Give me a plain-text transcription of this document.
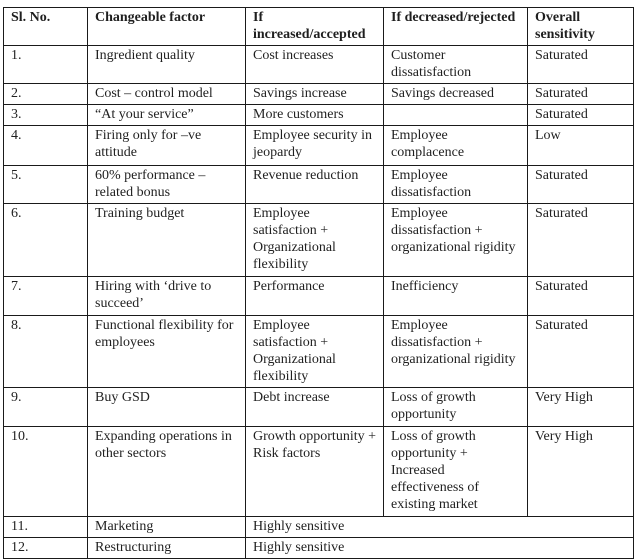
Sl. No.	Changeable factor	If increased/accepted	If decreased/rejected	Overall sensitivity
1.	Ingredient quality	Cost increases	Customer dissatisfaction	Saturated
2.	Cost – control model	Savings increase	Savings decreased	Saturated
3.	“At your service”	More customers		Saturated
4.	Firing only for –ve attitude	Employee security in jeopardy	Employee complacence	Low
5.	60% performance – related bonus	Revenue reduction	Employee dissatisfaction	Saturated
6.	Training budget	Employee satisfaction + Organizational flexibility	Employee dissatisfaction + organizational rigidity	Saturated
7.	Hiring with ‘drive to succeed’	Performance	Inefficiency	Saturated
8.	Functional flexibility for employees	Employee satisfaction + Organizational flexibility	Employee dissatisfaction + organizational rigidity	Saturated
9.	Buy GSD	Debt increase	Loss of growth opportunity	Very High
10.	Expanding operations in other sectors	Growth opportunity + Risk factors	Loss of growth opportunity + Increased effectiveness of existing market	Very High
11.	Marketing	Highly sensitive		
12.	Restructuring	Highly sensitive		
